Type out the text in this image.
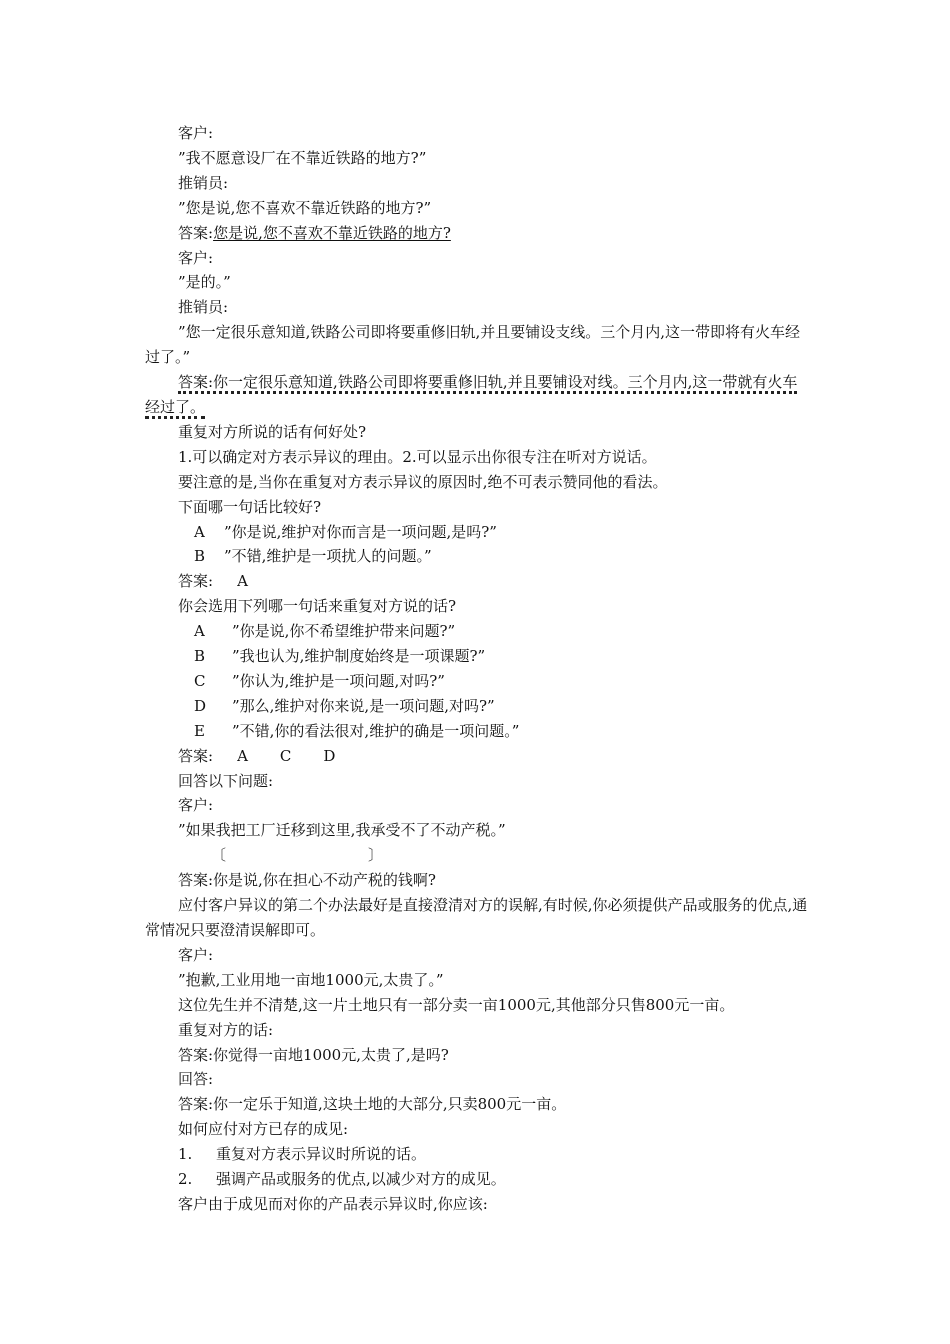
客户:
”我不愿意设厂在不靠近铁路的地方?”
推销员:
”您是说,您不喜欢不靠近铁路的地方?”
答案:您是说,您不喜欢不靠近铁路的地方?
客户:
”是的。”
推销员:
”您一定很乐意知道,铁路公司即将要重修旧轨,并且要铺设支线。三个月内,这一带即将有火车经过了。”
答案:你一定很乐意知道,铁路公司即将要重修旧轨,并且要铺设对线。三个月内,这一带就有火车经过了。
重复对方所说的话有何好处?
1.可以确定对方表示异议的理由。2.可以显示出你很专注在听对方说话。
要注意的是,当你在重复对方表示异议的原因时,绝不可表示赞同他的看法。
下面哪一句话比较好?
A ”你是说,维护对你而言是一项问题,是吗?”
B ”不错,维护是一项扰人的问题。”
答案: A
你会选用下列哪一句话来重复对方说的话?
A ”你是说,你不希望维护带来问题?”
B ”我也认为,维护制度始终是一项课题?”
C ”你认为,维护是一项问题,对吗?”
D ”那么,维护对你来说,是一项问题,对吗?”
E ”不错,你的看法很对,维护的确是一项问题。”
答案: A C D
回答以下问题:
客户:
”如果我把工厂迁移到这里,我承受不了不动产税。”
〔	〕
答案:你是说,你在担心不动产税的钱啊?
应付客户异议的第二个办法最好是直接澄清对方的误解,有时候,你必须提供产品或服务的优点,通常情况只要澄清误解即可。
客户:
”抱歉,工业用地一亩地1000元,太贵了。”
这位先生并不清楚,这一片土地只有一部分卖一亩1000元,其他部分只售800元一亩。
重复对方的话:
答案:你觉得一亩地1000元,太贵了,是吗?
回答:
答案:你一定乐于知道,这块土地的大部分,只卖800元一亩。
如何应付对方已存的成见:
1. 重复对方表示异议时所说的话。
2. 强调产品或服务的优点,以减少对方的成见。
客户由于成见而对你的产品表示异议时,你应该:
